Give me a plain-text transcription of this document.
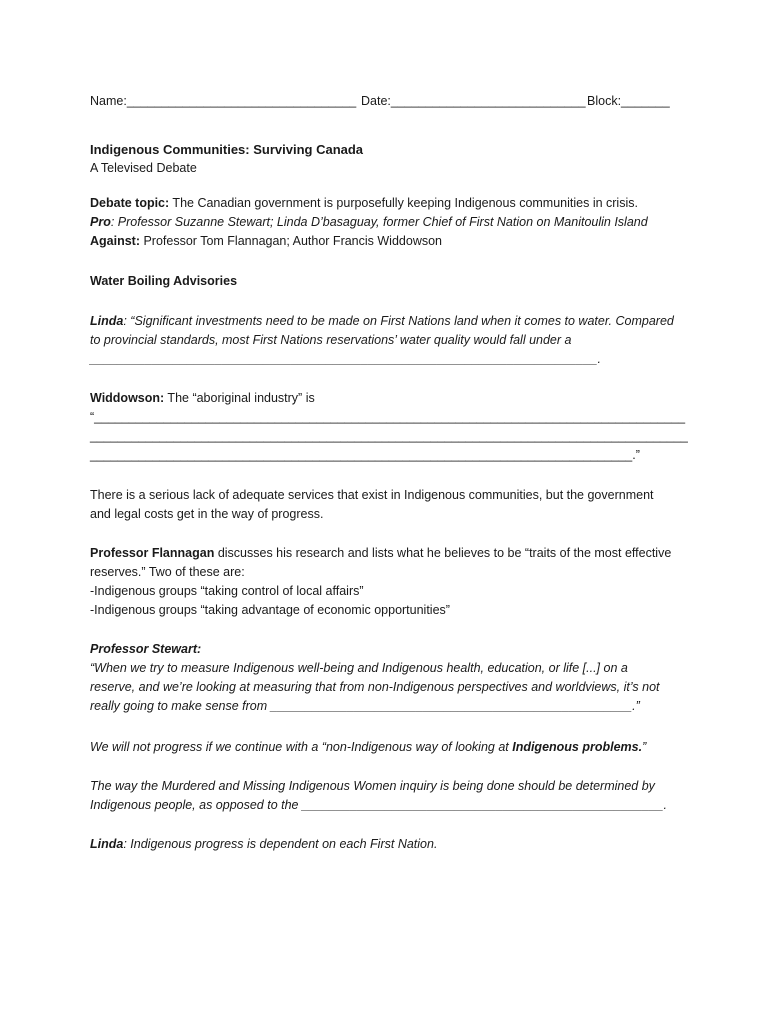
Name:_________________________________ Date:____________________________ Block:_______
Indigenous Communities: Surviving Canada
A Televised Debate
Debate topic: The Canadian government is purposefully keeping Indigenous communities in crisis.
Pro: Professor Suzanne Stewart; Linda D’basaguay, former Chief of First Nation on Manitoulin Island
Against: Professor Tom Flannagan; Author Francis Widdowson
Water Boiling Advisories
Linda: “Significant investments need to be made on First Nations land when it comes to water. Compared
to provincial standards, most First Nations reservations’ water quality would fall under a
_________________________________________________________________________.
Widdowson: The “aboriginal industry” is
“_____________________________________________________________________________________
______________________________________________________________________________________
______________________________________________________________________________.”
There is a serious lack of adequate services that exist in Indigenous communities, but the government
and legal costs get in the way of progress.
Professor Flannagan discusses his research and lists what he believes to be “traits of the most effective
reserves.” Two of these are:
-Indigenous groups “taking control of local affairs”
-Indigenous groups “taking advantage of economic opportunities”
Professor Stewart:
“When we try to measure Indigenous well-being and Indigenous health, education, or life [...] on a
reserve, and we’re looking at measuring that from non-Indigenous perspectives and worldviews, it’s not
really going to make sense from ____________________________________________________.”
We will not progress if we continue with a “non-Indigenous way of looking at Indigenous problems.”
The way the Murdered and Missing Indigenous Women inquiry is being done should be determined by
Indigenous people, as opposed to the ____________________________________________________.
Linda: Indigenous progress is dependent on each First Nation.
